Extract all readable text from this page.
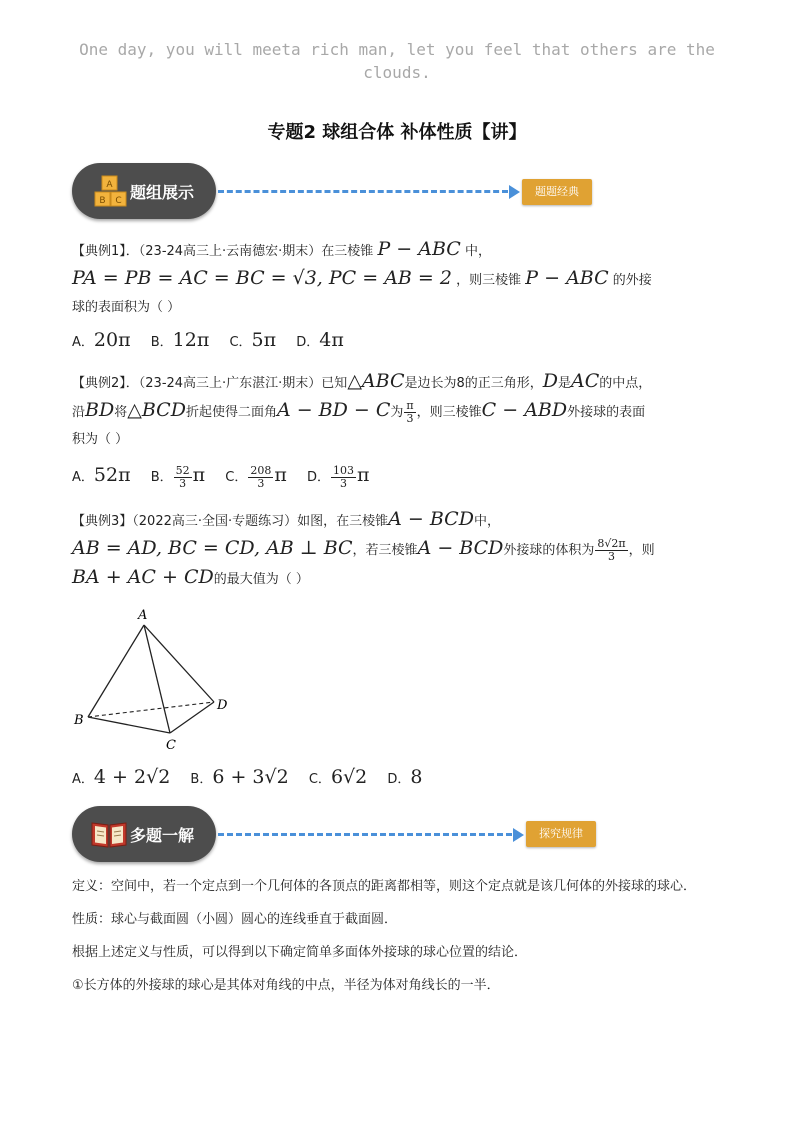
One day, you will meeta rich man, let you feel that others are the clouds.
专题2 球组合体 补体性质【讲】
A
B C 题组展示	题题经典

【典例1】．（23-24高三上·云南德宏·期末）在三棱锥 P − ABC 中，

PA = PB = AC = BC = √3, PC = AB = 2 ，则三棱锥 P − ABC 的外接

球的表面积为（ ）

A．20π B．12π C．5π D．4π

【典例2】．（23-24高三上·广东湛江·期末）已知△ABC是边长为8的正三角形，D是AC的中点，

沿BD将△BCD折起使得二面角A − BD − C为 $\frac{\pi}{3}$ ，则三棱锥C − ABD外接球的表面

积为（ ）

A．52π B． $\frac{52}{3}$ π C． $\frac{208}{3}$ π D． $\frac{103}{3}$ π

【典例3】（2022高三·全国·专题练习）如图，在三棱锥A − BCD中，

AB = AD, BC = CD, AB ⊥ BC，若三棱锥A − BCD外接球的体积为 $\frac{8√2\pi}{3}$ ，则

BA + AC + CD的最大值为（ ）

A
B
C
D
A．4 + 2√2 B．6 + 3√2 C．6√2 D．8
多题一解	探究规律

定义：空间中，若一个定点到一个几何体的各顶点的距离都相等，则这个定点就是该几何体的外接球的球心．

性质：球心与截面圆（小圆）圆心的连线垂直于截面圆．

根据上述定义与性质，可以得到以下确定简单多面体外接球的球心位置的结论．

①长方体的外接球的球心是其体对角线的中点，半径为体对角线长的一半．
